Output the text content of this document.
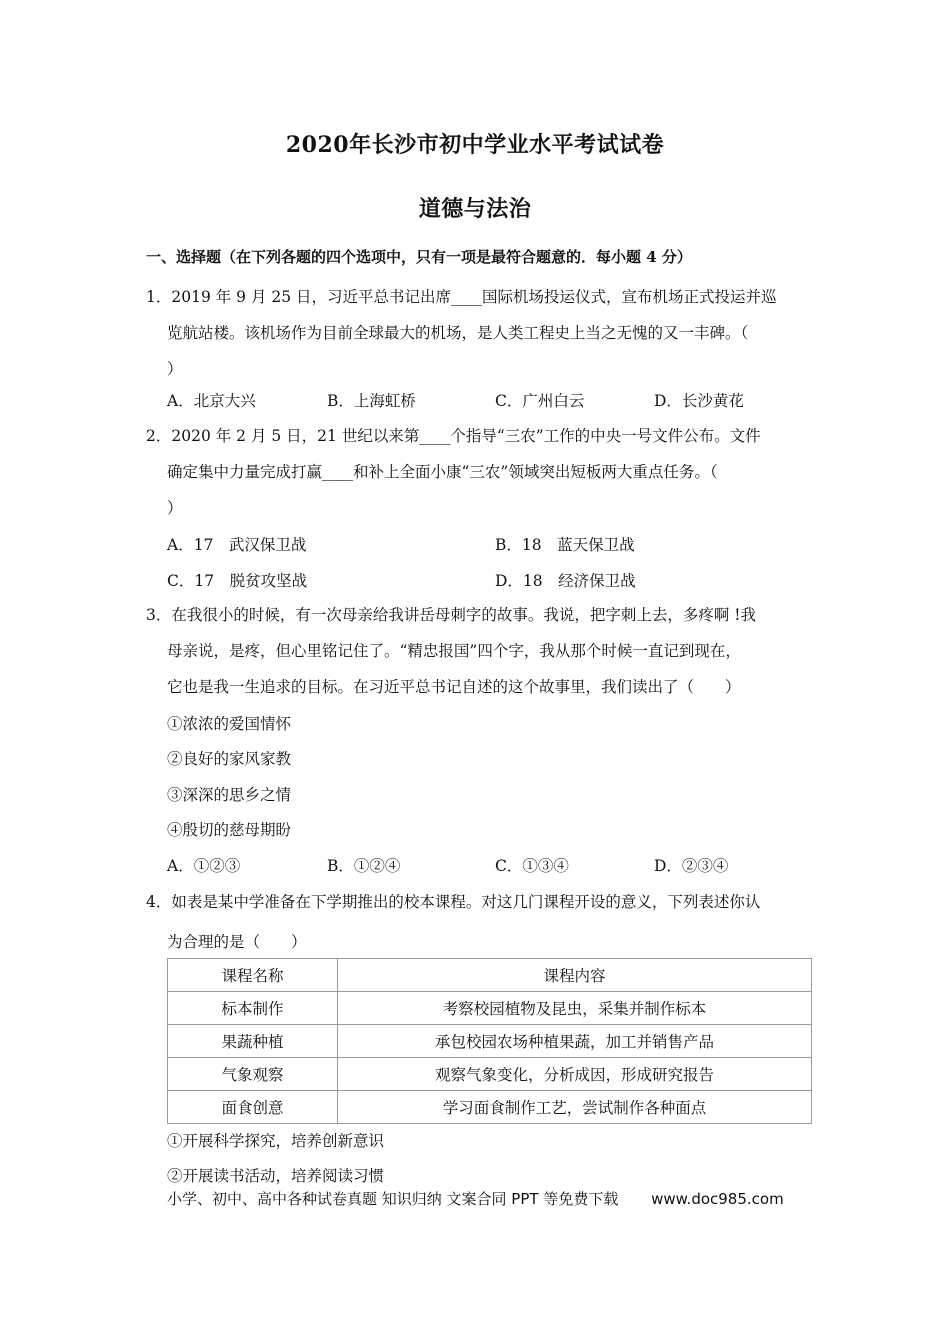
2020年长沙市初中学业水平考试试卷
道德与法治
一、选择题（在下列各题的四个选项中，只有一项是最符合题意的．每小题 4 分）
1．2019 年 9 月 25 日，习近平总书记出席____国际机场投运仪式，宣布机场正式投运并巡
览航站楼。该机场作为目前全球最大的机场，是人类工程史上当之无愧的又一丰碑。（
）
A．北京大兴	B．上海虹桥	C．广州白云	D．长沙黄花
2．2020 年 2 月 5 日，21 世纪以来第____个指导“三农”工作的中央一号文件公布。文件
确定集中力量完成打赢____和补上全面小康“三农”领域突出短板两大重点任务。（
）
A．17　武汉保卫战	B．18　蓝天保卫战
C．17　脱贫攻坚战	D．18　经济保卫战
3．在我很小的时候，有一次母亲给我讲岳母刺字的故事。我说，把字刺上去，多疼啊 !我
母亲说，是疼，但心里铭记住了。“精忠报国”四个字，我从那个时候一直记到现在，
它也是我一生追求的目标。在习近平总书记自述的这个故事里，我们读出了（　　）
①浓浓的爱国情怀
②良好的家风家教
③深深的思乡之情
④殷切的慈母期盼
A．①②③	B．①②④	C．①③④	D．②③④
4．如表是某中学准备在下学期推出的校本课程。对这几门课程开设的意义，下列表述你认
为合理的是（　　）
课程名称	课程内容
标本制作	考察校园植物及昆虫，采集并制作标本
果蔬种植	承包校园农场种植果蔬，加工并销售产品
气象观察	观察气象变化，分析成因，形成研究报告
面食创意	学习面食制作工艺，尝试制作各种面点
①开展科学探究，培养创新意识
②开展读书活动，培养阅读习惯
小学、初中、高中各种试卷真题 知识归纳 文案合同 PPT 等免费下载 www.doc985.com
